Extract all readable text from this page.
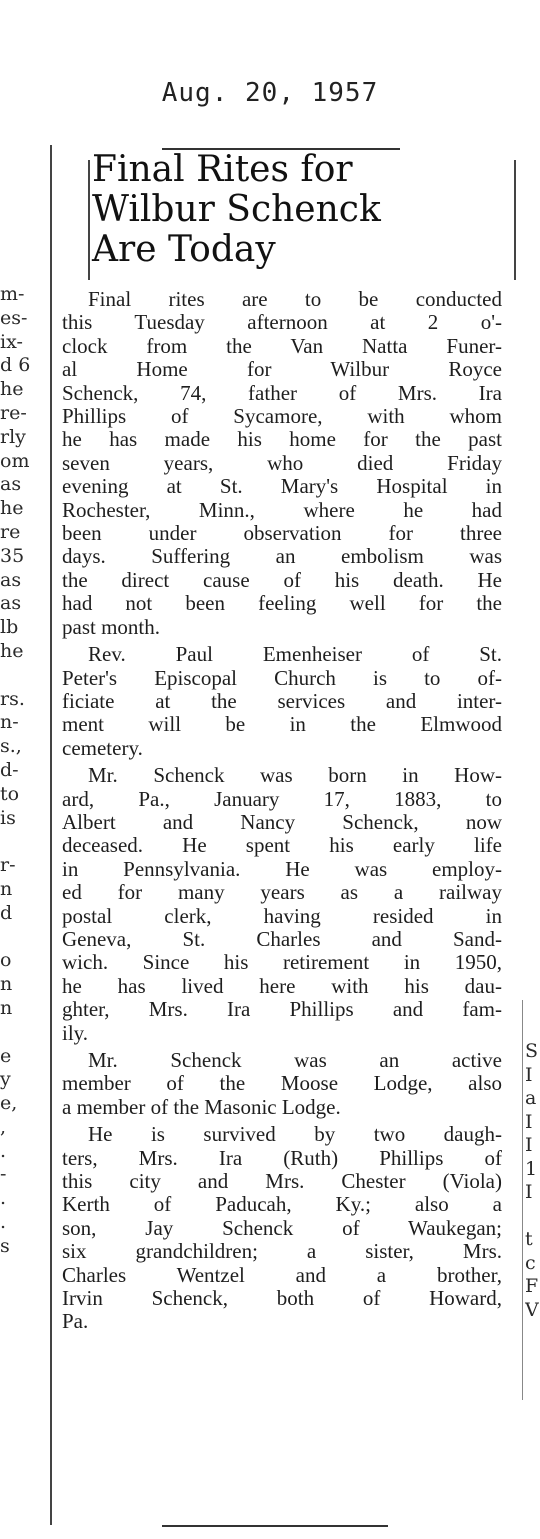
Aug. 20, 1957
m-
es-
ix-
d 6
he
re-
rly
om
as
he
re
35
as
as
lb
he
rs.
n-
s.,
d-
to
is
r-
n
d
o
n
n
e
y
e,
,
.
-
.
.
s
S
I
a
I
I
1
I
t
c
F
V
Final Rites for
Wilbur Schenck
Are Today
Final rites are to be conducted
this Tuesday afternoon at 2 o'-
clock from the Van Natta Funer-
al Home for Wilbur Royce
Schenck, 74, father of Mrs. Ira
Phillips of Sycamore, with whom
he has made his home for the past
seven years, who died Friday
evening at St. Mary's Hospital in
Rochester, Minn., where he had
been under observation for three
days. Suffering an embolism was
the direct cause of his death. He
had not been feeling well for the
past month.
Rev. Paul Emenheiser of St.
Peter's Episcopal Church is to of-
ficiate at the services and inter-
ment will be in the Elmwood
cemetery.
Mr. Schenck was born in How-
ard, Pa., January 17, 1883, to
Albert and Nancy Schenck, now
deceased. He spent his early life
in Pennsylvania. He was employ-
ed for many years as a railway
postal clerk, having resided in
Geneva, St. Charles and Sand-
wich. Since his retirement in 1950,
he has lived here with his dau-
ghter, Mrs. Ira Phillips and fam-
ily.
Mr. Schenck was an active
member of the Moose Lodge, also
a member of the Masonic Lodge.
He is survived by two daugh-
ters, Mrs. Ira (Ruth) Phillips of
this city and Mrs. Chester (Viola)
Kerth of Paducah, Ky.; also a
son, Jay Schenck of Waukegan;
six grandchildren; a sister, Mrs.
Charles Wentzel and a brother,
Irvin Schenck, both of Howard,
Pa.
